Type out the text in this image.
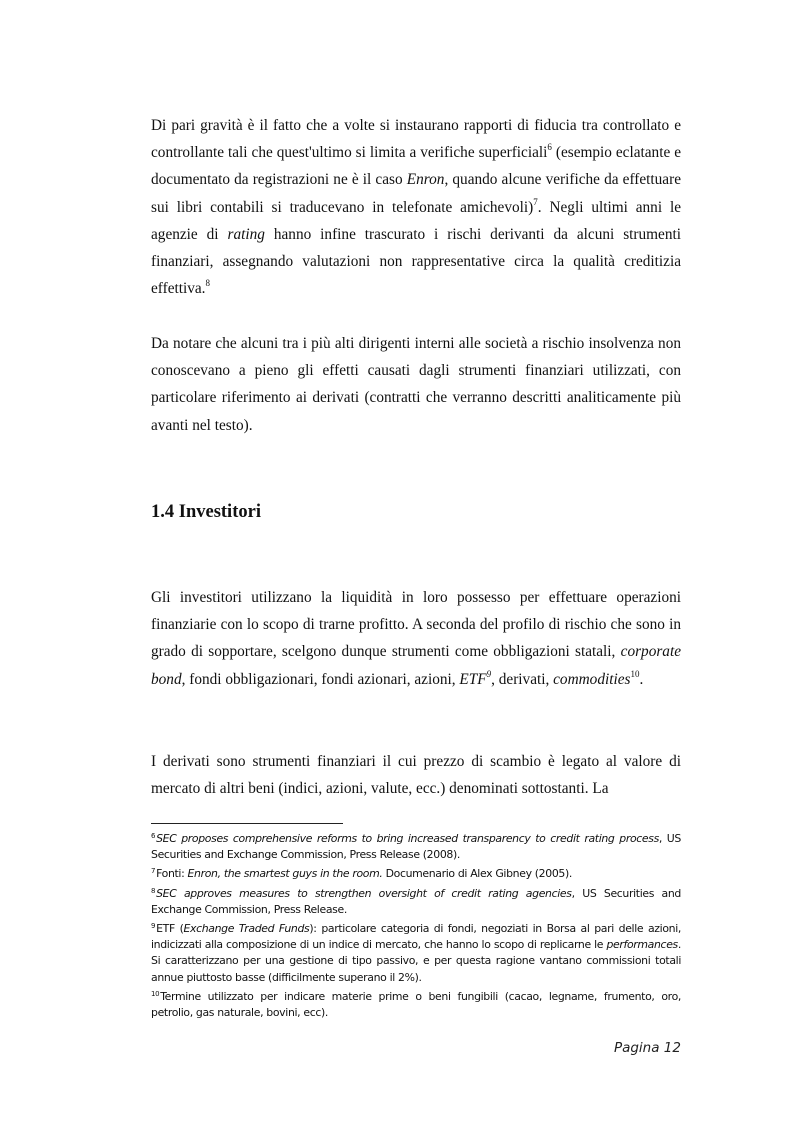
Di pari gravità è il fatto che a volte si instaurano rapporti di fiducia tra controllato e controllante tali che quest'ultimo si limita a verifiche superficiali$^6$ (esempio eclatante e documentato da registrazioni ne è il caso Enron, quando alcune verifiche da effettuare sui libri contabili si traducevano in telefonate amichevoli)$^7$. Negli ultimi anni le agenzie di rating hanno infine trascurato i rischi derivanti da alcuni strumenti finanziari, assegnando valutazioni non rappresentative circa la qualità creditizia effettiva.$^8$

Da notare che alcuni tra i più alti dirigenti interni alle società a rischio insolvenza non conoscevano a pieno gli effetti causati dagli strumenti finanziari utilizzati, con particolare riferimento ai derivati (contratti che verranno descritti analiticamente più avanti nel testo).

1.4 Investitori

Gli investitori utilizzano la liquidità in loro possesso per effettuare operazioni finanziarie con lo scopo di trarne profitto. A seconda del profilo di rischio che sono in grado di sopportare, scelgono dunque strumenti come obbligazioni statali, corporate bond, fondi obbligazionari, fondi azionari, azioni, ETF$^9$, derivati, commodities$^{10}$.

I derivati sono strumenti finanziari il cui prezzo di scambio è legato al valore di mercato di altri beni (indici, azioni, valute, ecc.) denominati sottostanti. La

$^6$SEC proposes comprehensive reforms to bring increased transparency to credit rating process, US Securities and Exchange Commission, Press Release (2008).

$^7$Fonti: Enron, the smartest guys in the room. Documenario di Alex Gibney (2005).

$^8$SEC approves measures to strengthen oversight of credit rating agencies, US Securities and Exchange Commission, Press Release.

$^9$ETF (Exchange Traded Funds): particolare categoria di fondi, negoziati in Borsa al pari delle azioni, indicizzati alla composizione di un indice di mercato, che hanno lo scopo di replicarne le performances. Si caratterizzano per una gestione di tipo passivo, e per questa ragione vantano commissioni totali annue piuttosto basse (difficilmente superano il 2%).

$^{10}$Termine utilizzato per indicare materie prime o beni fungibili (cacao, legname, frumento, oro, petrolio, gas naturale, bovini, ecc).

Pagina 12
